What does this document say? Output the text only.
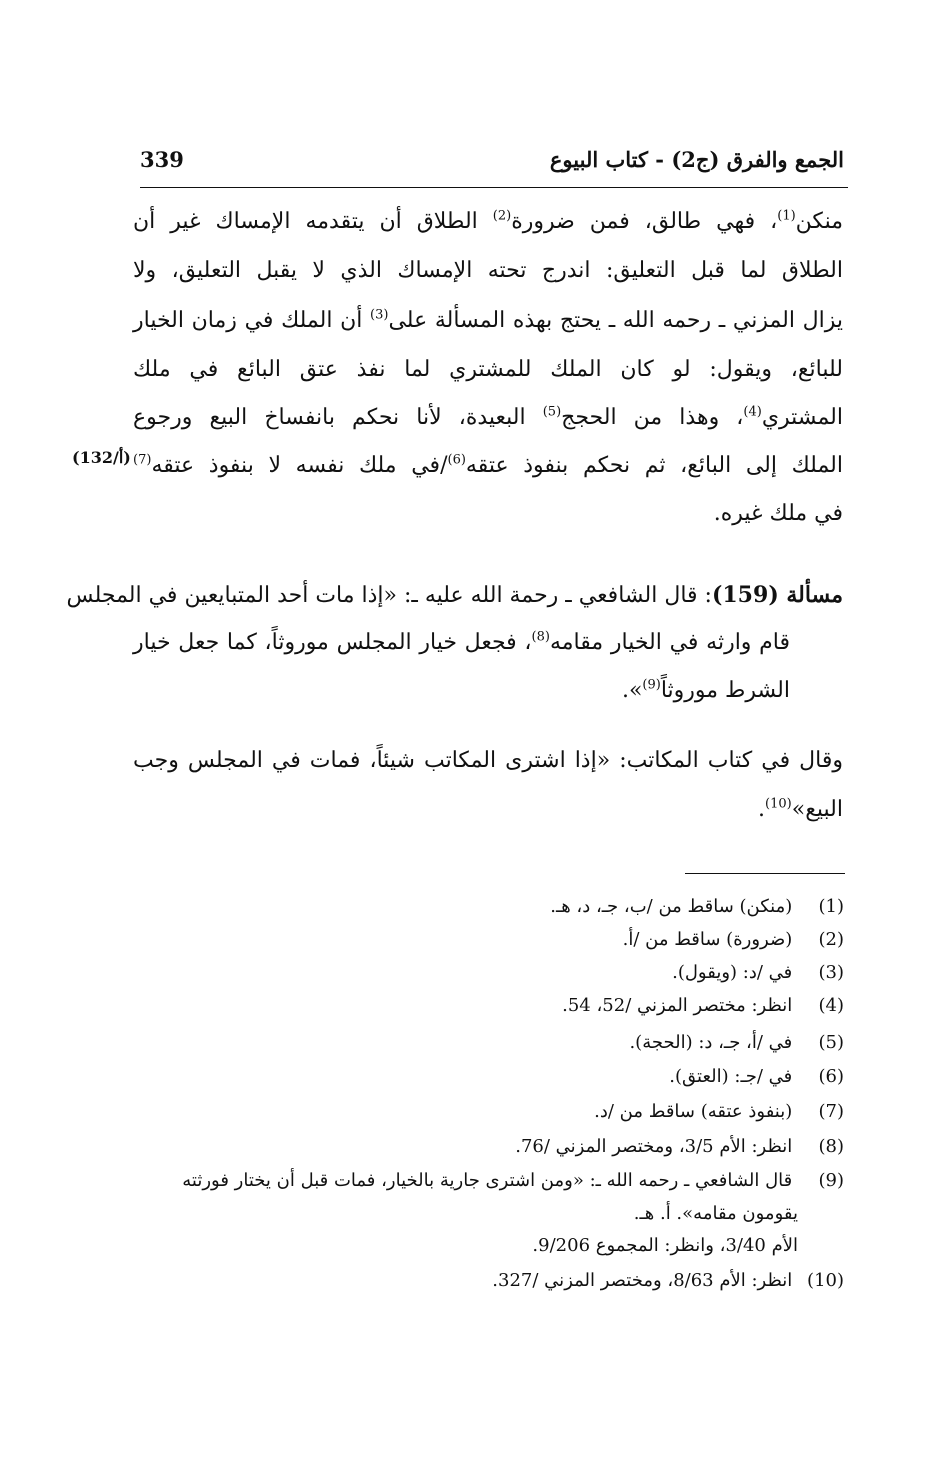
الجمع والفرق (ج2) - كتاب البيوع
339
منكن$^{(1)}$، فهي طالق، فمن ضرورة$^{(2)}$ الطلاق أن يتقدمه الإمساك غير أن
الطلاق لما قبل التعليق: اندرج تحته الإمساك الذي لا يقبل التعليق، ولا
يزال المزني ـ رحمه الله ـ يحتج بهذه المسألة على$^{(3)}$ أن الملك في زمان الخيار
للبائع، ويقول: لو كان الملك للمشتري لما نفذ عتق البائع في ملك
المشتري$^{(4)}$، وهذا من الحجج$^{(5)}$ البعيدة، لأنا نحكم بانفساخ البيع ورجوع
الملك إلى البائع، ثم نحكم بنفوذ عتقه$^{(6)}$/في ملك نفسه لا بنفوذ عتقه$^{(7)}$
في ملك غيره.
(132/أ)
مسألة (159): قال الشافعي ـ رحمة الله عليه ـ: «إذا مات أحد المتبايعين في المجلس
قام وارثه في الخيار مقامه$^{(8)}$، فجعل خيار المجلس موروثاً، كما جعل خيار
الشرط موروثاً$^{(9)}$».
وقال في كتاب المكاتب: «إذا اشترى المكاتب شيئاً، فمات في المجلس وجب
البيع»$^{(10)}$.
(1) (منكن) ساقط من /ب، جـ، د، هـ.
(2) (ضرورة) ساقط من /أ.
(3) في /د: (ويقول).
(4) انظر: مختصر المزني /52، 54.
(5) في /أ، جـ، د: (الحجة).
(6) في /جـ: (العتق).
(7) (بنفوذ عتقه) ساقط من /د.
(8) انظر: الأم 3/5، ومختصر المزني /76.
(9) قال الشافعي ـ رحمه الله ـ: «ومن اشترى جارية بالخيار، فمات قبل أن يختار فورثته
يقومون مقامه». أ. هـ.
الأم 3/40، وانظر: المجموع 9/206.
(10) انظر: الأم 8/63، ومختصر المزني /327.
